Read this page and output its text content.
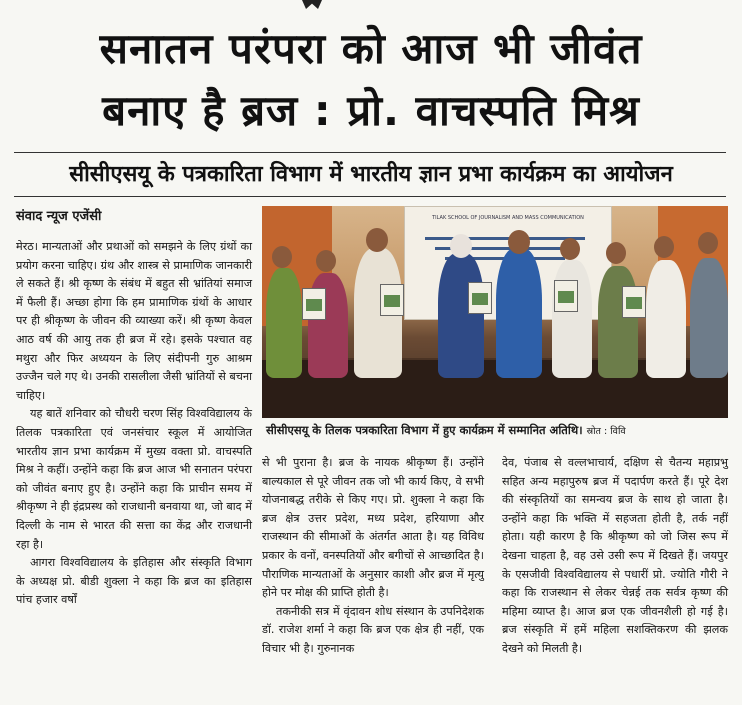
सनातन परंपरा को आज भी जीवंत
बनाए है ब्रज : प्रो. वाचस्पति मिश्र
सीसीएसयू के पत्रकारिता विभाग में भारतीय ज्ञान प्रभा कार्यक्रम का आयोजन
संवाद न्यूज एजेंसी

मेरठ। मान्यताओं और प्रथाओं को समझने के लिए ग्रंथों का प्रयोग करना चाहिए। ग्रंथ और शास्त्र से प्रामाणिक जानकारी ले सकते हैं। श्री कृष्ण के संबंध में बहुत सी भ्रांतियां समाज में फैली हैं। अच्छा होगा कि हम प्रामाणिक ग्रंथों के आधार पर ही श्रीकृष्ण के जीवन की व्याख्या करें। श्री कृष्ण केवल आठ वर्ष की आयु तक ही ब्रज में रहे। इसके पश्चात वह मथुरा और फिर अध्ययन के लिए संदीपनी गुरु आश्रम उज्जैन चले गए थे। उनकी रासलीला जैसी भ्रांतियों से बचना चाहिए।

यह बातें शनिवार को चौधरी चरण सिंह विश्वविद्यालय के तिलक पत्रकारिता एवं जनसंचार स्कूल में आयोजित भारतीय ज्ञान प्रभा कार्यक्रम में मुख्य वक्ता प्रो. वाचस्पति मिश्र ने कहीं। उन्होंने कहा कि ब्रज आज भी सनातन परंपरा को जीवंत बनाए हुए है। उन्होंने कहा कि प्राचीन समय में श्रीकृष्ण ने ही इंद्रप्रस्थ को राजधानी बनवाया था, जो बाद में दिल्ली के नाम से भारत की सत्ता का केंद्र और राजधानी रहा है।

आगरा विश्वविद्यालय के इतिहास और संस्कृति विभाग के अध्यक्ष प्रो. बीडी शुक्ला ने कहा कि ब्रज का इतिहास पांच हजार वर्षों

TILAK SCHOOL OF JOURNALISM AND MASS COMMUNICATION
सीसीएसयू के तिलक पत्रकारिता विभाग में हुए कार्यक्रम में सम्मानित अतिथि। स्रोत : विवि

से भी पुराना है। ब्रज के नायक श्रीकृष्ण हैं। उन्होंने बाल्यकाल से पूरे जीवन तक जो भी कार्य किए, वे सभी योजनाबद्ध तरीके से किए गए। प्रो. शुक्ला ने कहा कि ब्रज क्षेत्र उत्तर प्रदेश, मध्य प्रदेश, हरियाणा और राजस्थान की सीमाओं के अंतर्गत आता है। यह विविध प्रकार के वनों, वनस्पतियों और बगीचों से आच्छादित है। पौराणिक मान्यताओं के अनुसार काशी और ब्रज में मृत्यु होने पर मोक्ष की प्राप्ति होती है।

तकनीकी सत्र में वृंदावन शोध संस्थान के उपनिदेशक डॉ. राजेश शर्मा ने कहा कि ब्रज एक क्षेत्र ही नहीं, एक विचार भी है। गुरुनानक

देव, पंजाब से वल्लभाचार्य, दक्षिण से चैतन्य महाप्रभु सहित अन्य महापुरुष ब्रज में पदार्पण करते हैं। पूरे देश की संस्कृतियों का समन्वय ब्रज के साथ हो जाता है। उन्होंने कहा कि भक्ति में सहजता होती है, तर्क नहीं होता। यही कारण है कि श्रीकृष्ण को जो जिस रूप में देखना चाहता है, वह उसे उसी रूप में दिखते हैं। जयपुर के एसजीवी विश्वविद्यालय से पधारीं प्रो. ज्योति गौरी ने कहा कि राजस्थान से लेकर चेन्नई तक सर्वत्र कृष्ण की महिमा व्याप्त है। आज ब्रज एक जीवनशैली हो गई है। ब्रज संस्कृति में हमें महिला सशक्तिकरण की झलक देखने को मिलती है।
